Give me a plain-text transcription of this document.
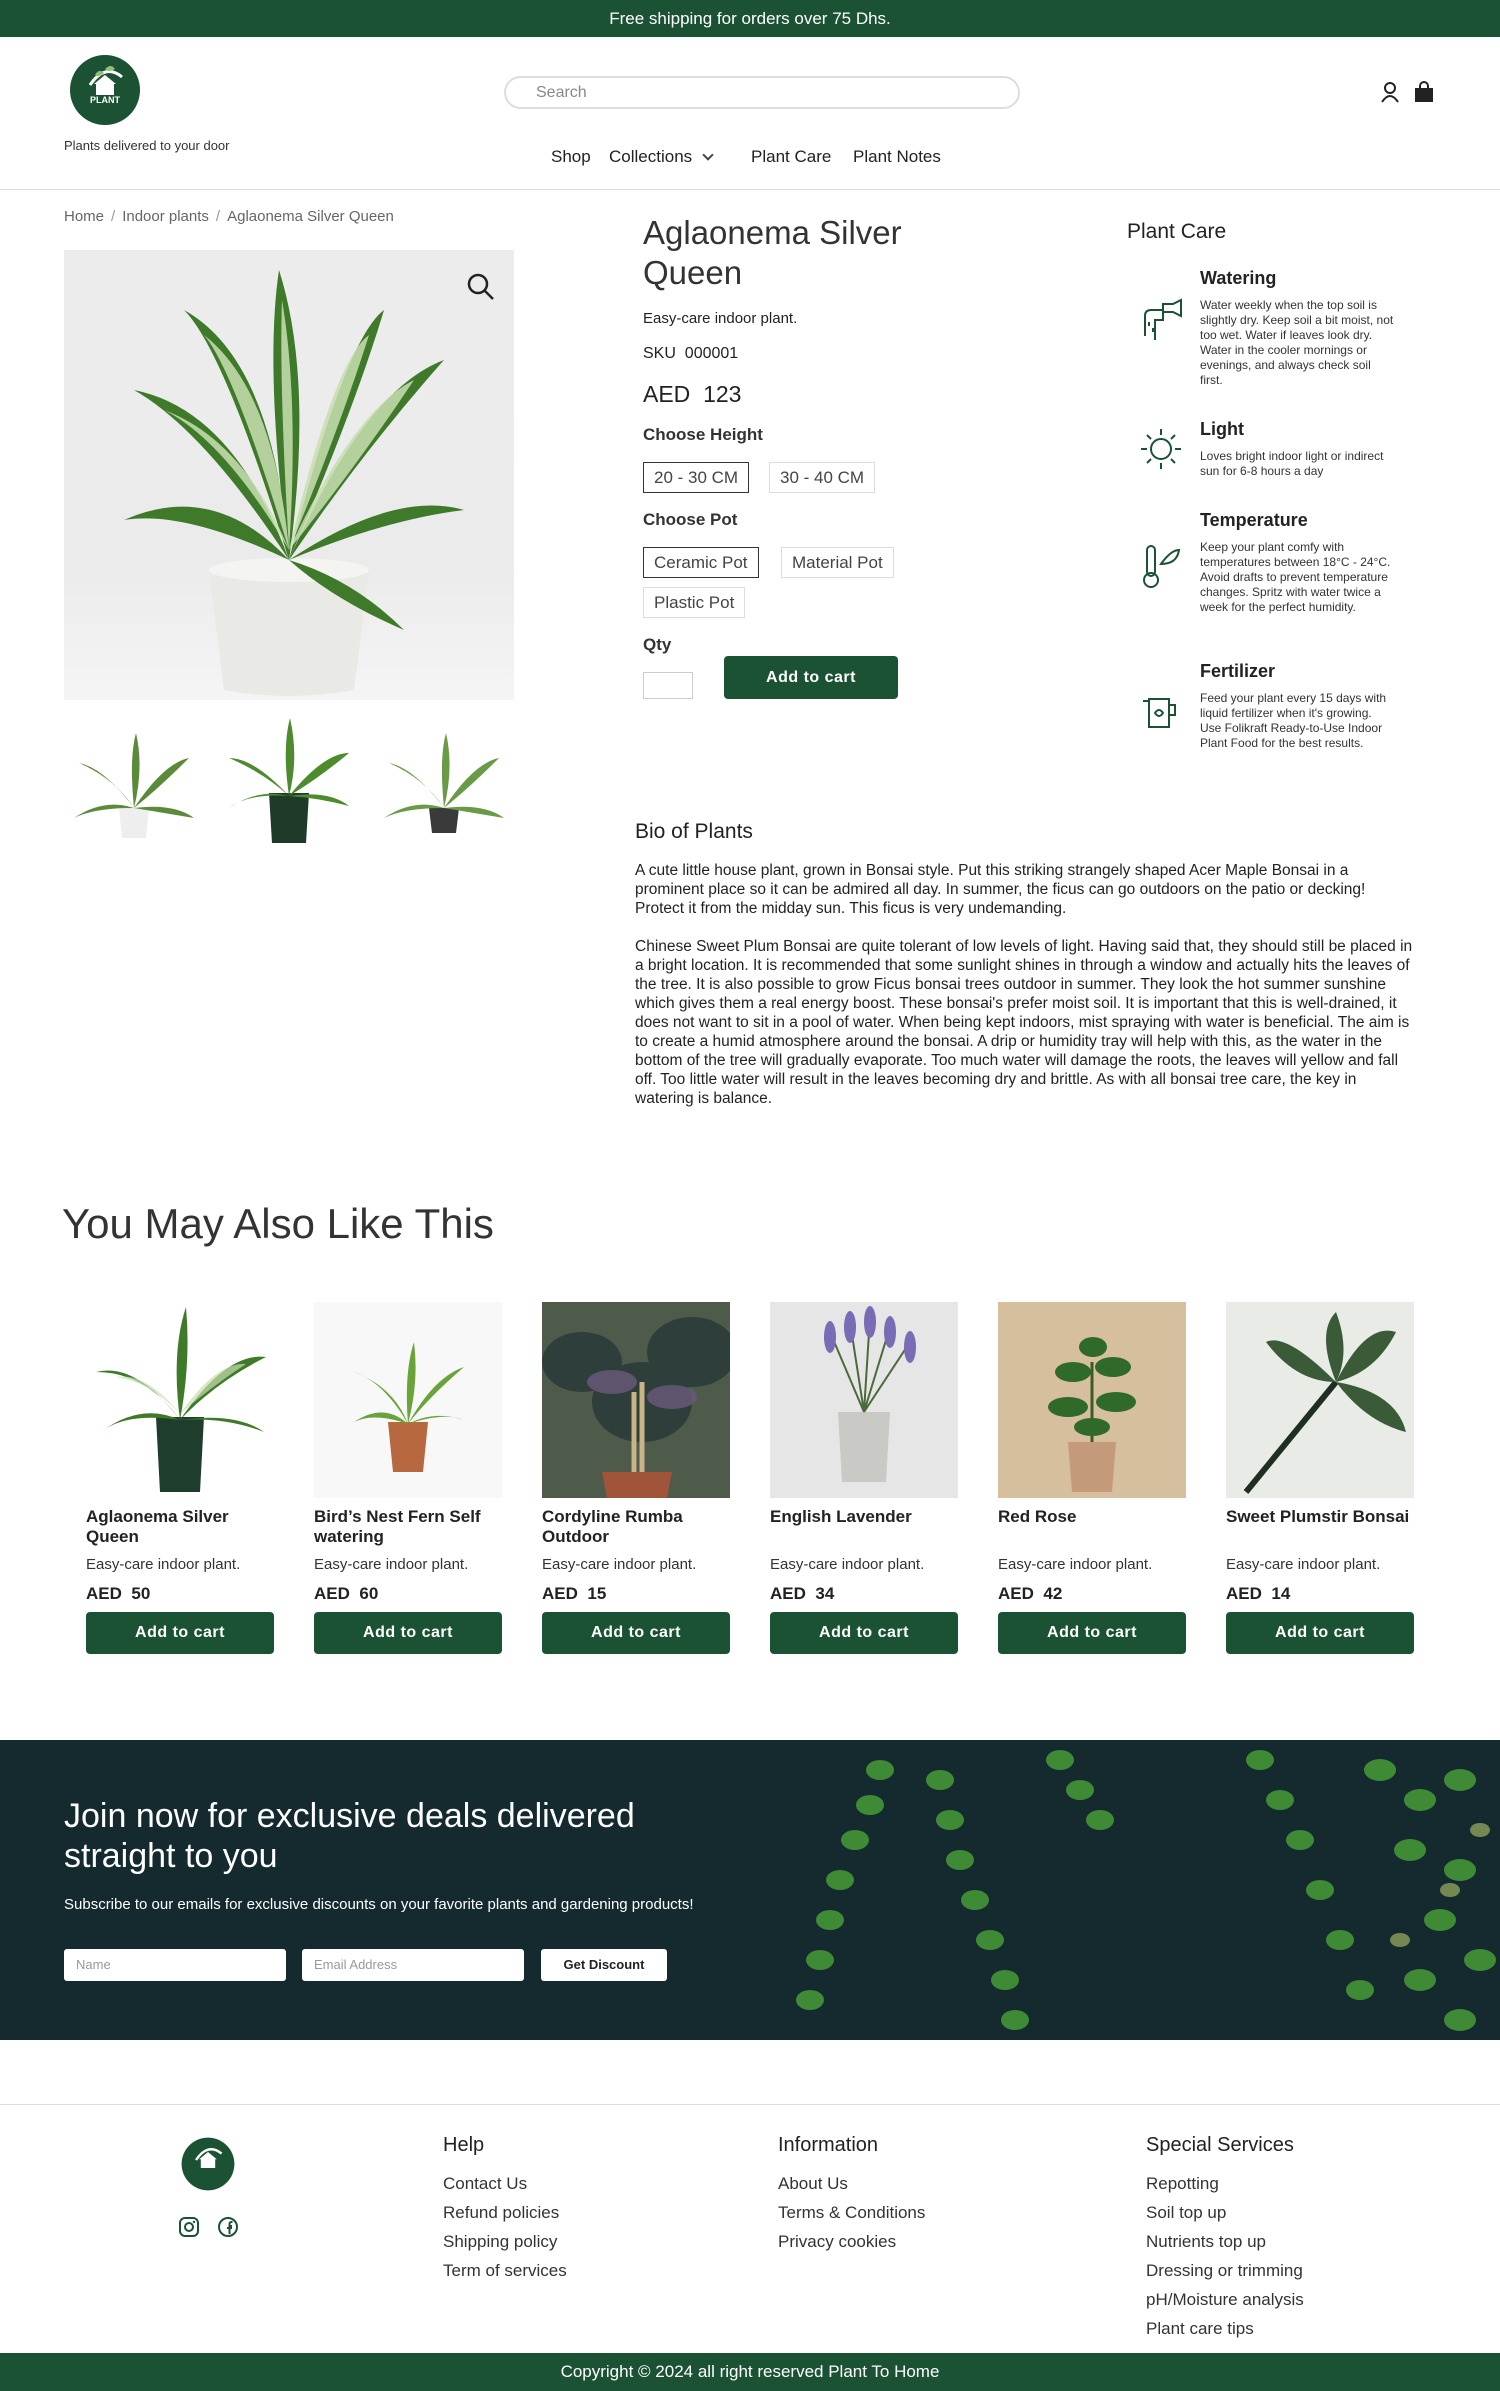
Free shipping for orders over 75 Dhs.
PLANT
Plants delivered to your door
Search

Shop Collections	Plant Care Plant Notes
Home / Indoor plants / Aglaonema Silver Queen	Aglaonema Silver Queen
Easy-care indoor plant.
SKU 000001
AED 123
Choose Height
20 - 30 CM	30 - 40 CM
Choose Pot
Ceramic Pot	Material Pot
Plastic Pot
Qty
Add to cart
Plant Care
Watering
Water weekly when the top soil is slightly dry. Keep soil a bit moist, not too wet. Water if leaves look dry. Water in the cooler mornings or evenings, and always check soil first.
Light
Loves bright indoor light or indirect sun for 6-8 hours a day
Temperature
Keep your plant comfy with temperatures between 18°C - 24°C. Avoid drafts to prevent temperature changes. Spritz with water twice a week for the perfect humidity.
Fertilizer
Feed your plant every 15 days with liquid fertilizer when it's growing. Use Folikraft Ready-to-Use Indoor Plant Food for the best results.
Bio of Plants
A cute little house plant, grown in Bonsai style. Put this striking strangely shaped Acer Maple Bonsai in a prominent place so it can be admired all day. In summer, the ficus can go outdoors on the patio or decking! Protect it from the midday sun. This ficus is very undemanding.
Chinese Sweet Plum Bonsai are quite tolerant of low levels of light. Having said that, they should still be placed in a bright location. It is recommended that some sunlight shines in through a window and actually hits the leaves of the tree. It is also possible to grow Ficus bonsai trees outdoor in summer. They look the hot summer sunshine which gives them a real energy boost. These bonsai's prefer moist soil. It is important that this is well-drained, it does not want to sit in a pool of water. When being kept indoors, mist spraying with water is beneficial. The aim is to create a humid atmosphere around the bonsai. A drip or humidity tray will help with this, as the water in the bottom of the tree will gradually evaporate. Too much water will damage the roots, the leaves will yellow and fall off. Too little water will result in the leaves becoming dry and brittle. As with all bonsai tree care, the key in watering is balance.
You May Also Like This
Aglaonema Silver Queen
Easy-care indoor plant.
AED 50
Add to cart
Bird’s Nest Fern Self watering
Easy-care indoor plant.
AED 60
Add to cart
Cordyline Rumba Outdoor
Easy-care indoor plant.
AED 15
Add to cart
English Lavender
Easy-care indoor plant.
AED 34
Add to cart
Red Rose
Easy-care indoor plant.
AED 42
Add to cart
Sweet Plumstir Bonsai
Easy-care indoor plant.
AED 14
Add to cart
Join now for exclusive deals delivered straight to you

Subscribe to our emails for exclusive discounts on your favorite plants and gardening products!

Name	Email Address	Get Discount
Help
Contact Us
Refund policies
Shipping policy
Term of services
Information
About Us
Terms & Conditions
Privacy cookies
Special Services
Repotting
Soil top up
Nutrients top up
Dressing or trimming
pH/Moisture analysis
Plant care tips
Copyright © 2024 all right reserved Plant To Home
